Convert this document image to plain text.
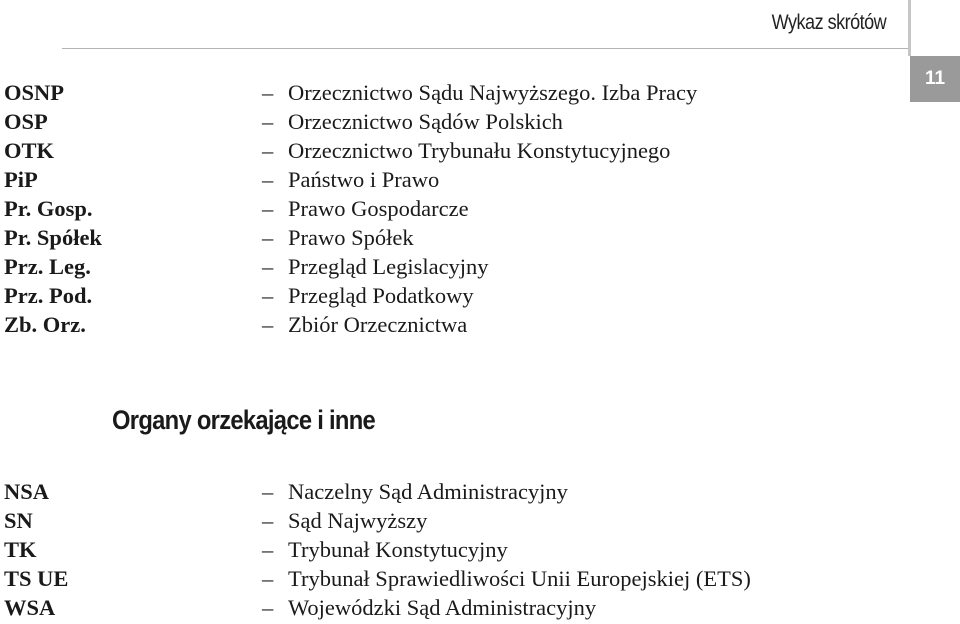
Wykaz skrótów
11
OSNP	– Orzecznictwo Sądu Najwyższego. Izba Pracy
OSP	– Orzecznictwo Sądów Polskich
OTK	– Orzecznictwo Trybunału Konstytucyjnego
PiP	– Państwo i Prawo
Pr. Gosp.	– Prawo Gospodarcze
Pr. Spółek	– Prawo Spółek
Prz. Leg.	– Przegląd Legislacyjny
Prz. Pod.	– Przegląd Podatkowy
Zb. Orz.	– Zbiór Orzecznictwa
Organy orzekające i inne
NSA	– Naczelny Sąd Administracyjny
SN	– Sąd Najwyższy
TK	– Trybunał Konstytucyjny
TS UE	– Trybunał Sprawiedliwości Unii Europejskiej (ETS)
WSA	– Wojewódzki Sąd Administracyjny
